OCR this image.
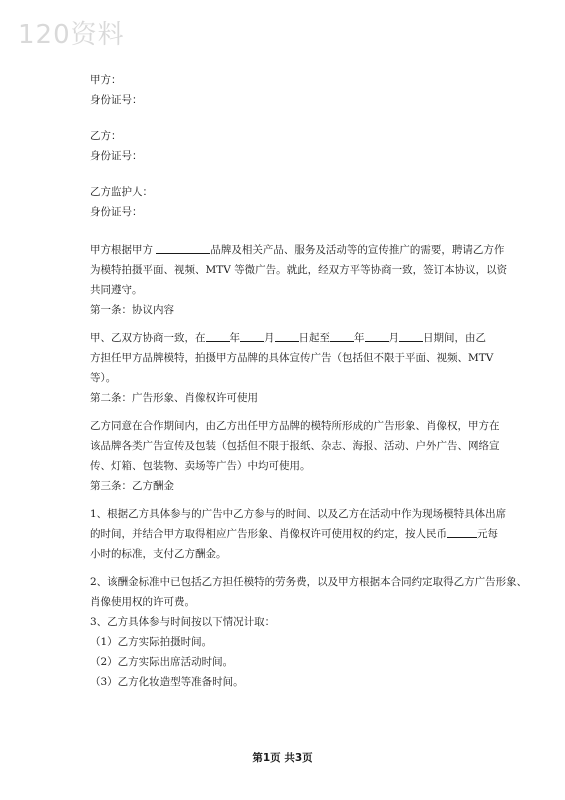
120资料

甲方：

身份证号：

乙方：

身份证号：

乙方监护人：

身份证号：

甲方根据甲方	品牌及相关产品、服务及活动等的宣传推广的需要，聘请乙方作

为模特拍摄平面、视频、MTV 等微广告。就此，经双方平等协商一致，签订本协议，以资

共同遵守。

第一条：协议内容

甲、乙双方协商一致，在 年 月 日起至 年 月 日期间，由乙

方担任甲方品牌模特，拍摄甲方品牌的具体宣传广告（包括但不限于平面、视频、MTV

等）。

第二条：广告形象、肖像权许可使用

乙方同意在合作期间内，由乙方出任甲方品牌的模特所形成的广告形象、肖像权，甲方在

该品牌各类广告宣传及包装（包括但不限于报纸、杂志、海报、活动、户外广告、网络宣

传、灯箱、包装物、卖场等广告）中均可使用。

第三条：乙方酬金

1、根据乙方具体参与的广告中乙方参与的时间、以及乙方在活动中作为现场模特具体出席

的时间，并结合甲方取得相应广告形象、肖像权许可使用权的约定，按人民币	元每

小时的标准，支付乙方酬金。

2、该酬金标准中已包括乙方担任模特的劳务费，以及甲方根据本合同约定取得乙方广告形象、

肖像使用权的许可费。

3、乙方具体参与时间按以下情况计取：

（1）乙方实际拍摄时间。

（2）乙方实际出席活动时间。

（3）乙方化妆造型等准备时间。

第1页 共3页
